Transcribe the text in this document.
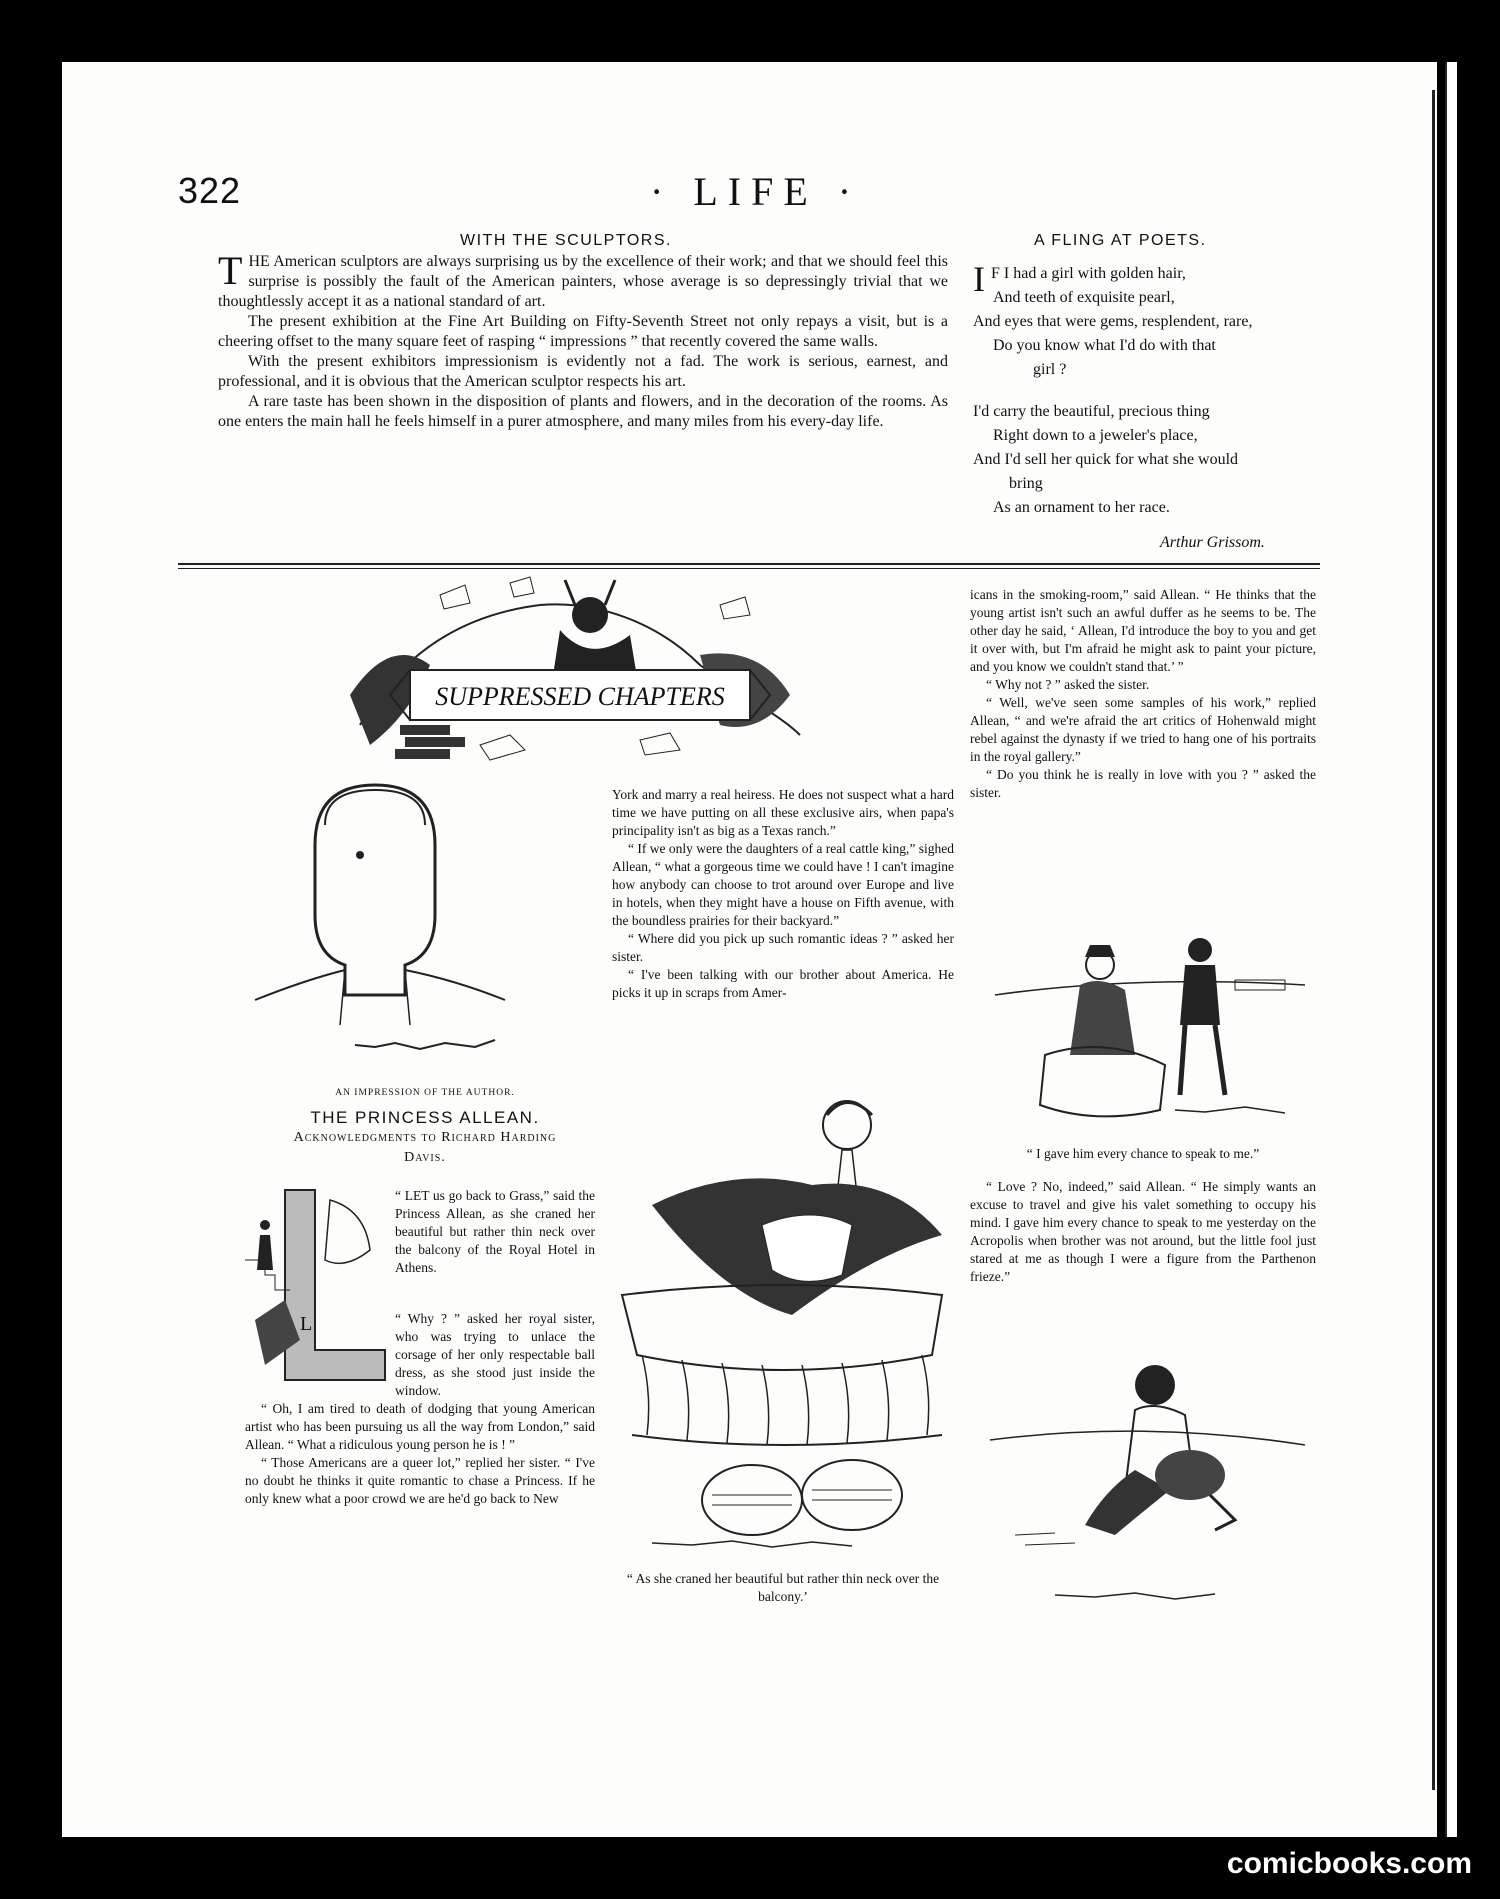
322	· LIFE ·
WITH THE SCULPTORS.

THE American sculptors are always surprising us by the excellence of their work; and that we should feel this surprise is possibly the fault of the American painters, whose average is so depressingly trivial that we thoughtlessly accept it as a national standard of art.

The present exhibition at the Fine Art Building on Fifty-Seventh Street not only repays a visit, but is a cheering offset to the many square feet of rasping “ impressions ” that recently covered the same walls.

With the present exhibitors impressionism is evidently not a fad. The work is serious, earnest, and professional, and it is obvious that the American sculptor respects his art.

A rare taste has been shown in the disposition of plants and flowers, and in the decoration of the rooms. As one enters the main hall he feels himself in a purer atmosphere, and many miles from his every-day life.

A FLING AT POETS.
I F I had a girl with golden hair,
And teeth of exquisite pearl,
And eyes that were gems, resplendent, rare,
Do you know what I'd do with that
girl ?
I'd carry the beautiful, precious thing
Right down to a jeweler's place,
And I'd sell her quick for what she would
bring
As an ornament to her race.
Arthur Grissom.
SUPPRESSED CHAPTERS
AN IMPRESSION OF THE AUTHOR.
THE PRINCESS ALLEAN.
Acknowledgments to Richard Harding
Davis.
L

“ LET us go back to Grass,” said the Princess Allean, as she craned her beautiful but rather thin neck over the balcony of the Royal Hotel in Athens.

“ Why ? ” asked her royal sister, who was trying to unlace the corsage of her only respectable ball dress, as she stood just inside the window.

“ Oh, I am tired to death of dodging that young American artist who has been pursuing us all the way from London,” said Allean. “ What a ridiculous young person he is ! ”

“ Those Americans are a queer lot,” replied her sister. “ I've no doubt he thinks it quite romantic to chase a Princess. If he only knew what a poor crowd we are he'd go back to New

York and marry a real heiress. He does not suspect what a hard time we have putting on all these exclusive airs, when papa's principality isn't as big as a Texas ranch.”

“ If we only were the daughters of a real cattle king,” sighed Allean, “ what a gorgeous time we could have ! I can't imagine how anybody can choose to trot around over Europe and live in hotels, when they might have a house on Fifth avenue, with the boundless prairies for their backyard.”

“ Where did you pick up such romantic ideas ? ” asked her sister.

“ I've been talking with our brother about America. He picks it up in scraps from Amer-

“ As she craned her beautiful but rather thin neck over the balcony.’

icans in the smoking-room,” said Allean. “ He thinks that the young artist isn't such an awful duffer as he seems to be. The other day he said, ‘ Allean, I'd introduce the boy to you and get it over with, but I'm afraid he might ask to paint your picture, and you know we couldn't stand that.’ ”

“ Why not ? ” asked the sister.

“ Well, we've seen some samples of his work,” replied Allean, “ and we're afraid the art critics of Hohenwald might rebel against the dynasty if we tried to hang one of his portraits in the royal gallery.”

“ Do you think he is really in love with you ? ” asked the sister.

“ I gave him every chance to speak to me.”

“ Love ? No, indeed,” said Allean. “ He simply wants an excuse to travel and give his valet something to occupy his mind. I gave him every chance to speak to me yesterday on the Acropolis when brother was not around, but the little fool just stared at me as though I were a figure from the Parthenon frieze.”

comicbooks.com
